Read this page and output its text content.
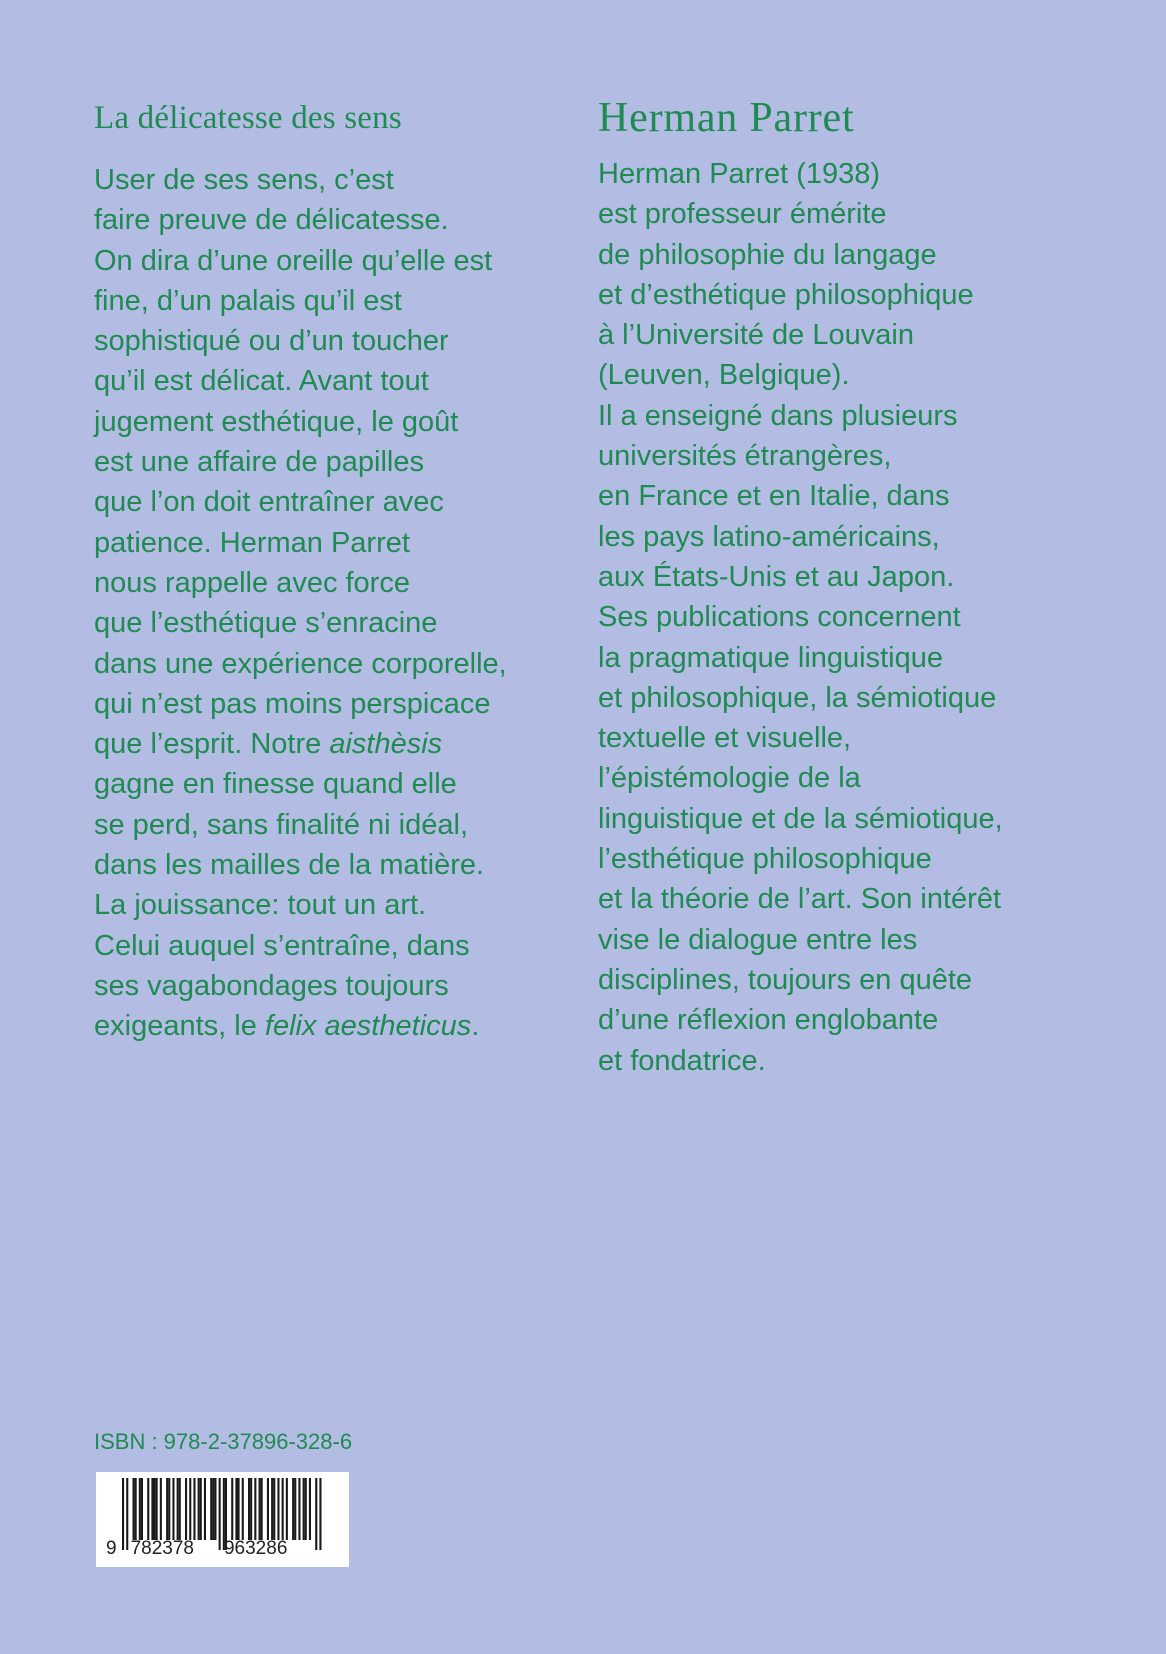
La délicatesse des sens
User de ses sens, c’est
faire preuve de délicatesse.
On dira d’une oreille qu’elle est
fine, d’un palais qu’il est
sophistiqué ou d’un toucher
qu’il est délicat. Avant tout
jugement esthétique, le goût
est une affaire de papilles
que l’on doit entraîner avec
patience. Herman Parret
nous rappelle avec force
que l’esthétique s’enracine
dans une expérience corporelle,
qui n’est pas moins perspicace
que l’esprit. Notre aisthèsis
gagne en finesse quand elle
se perd, sans finalité ni idéal,
dans les mailles de la matière.
La jouissance: tout un art.
Celui auquel s’entraîne, dans
ses vagabondages toujours
exigeants, le felix aestheticus.
Herman Parret
Herman Parret (1938)
est professeur émérite
de philosophie du langage
et d’esthétique philosophique
à l’Université de Louvain
(Leuven, Belgique).
Il a enseigné dans plusieurs
universités étrangères,
en France et en Italie, dans
les pays latino-américains,
aux États-Unis et au Japon.
Ses publications concernent
la pragmatique linguistique
et philosophique, la sémiotique
textuelle et visuelle,
l’épistémologie de la
linguistique et de la sémiotique,
l’esthétique philosophique
et la théorie de l’art. Son intérêt
vise le dialogue entre les
disciplines, toujours en quête
d’une réflexion englobante
et fondatrice.
ISBN : 978-2-37896-328-6
9 782378 963286
